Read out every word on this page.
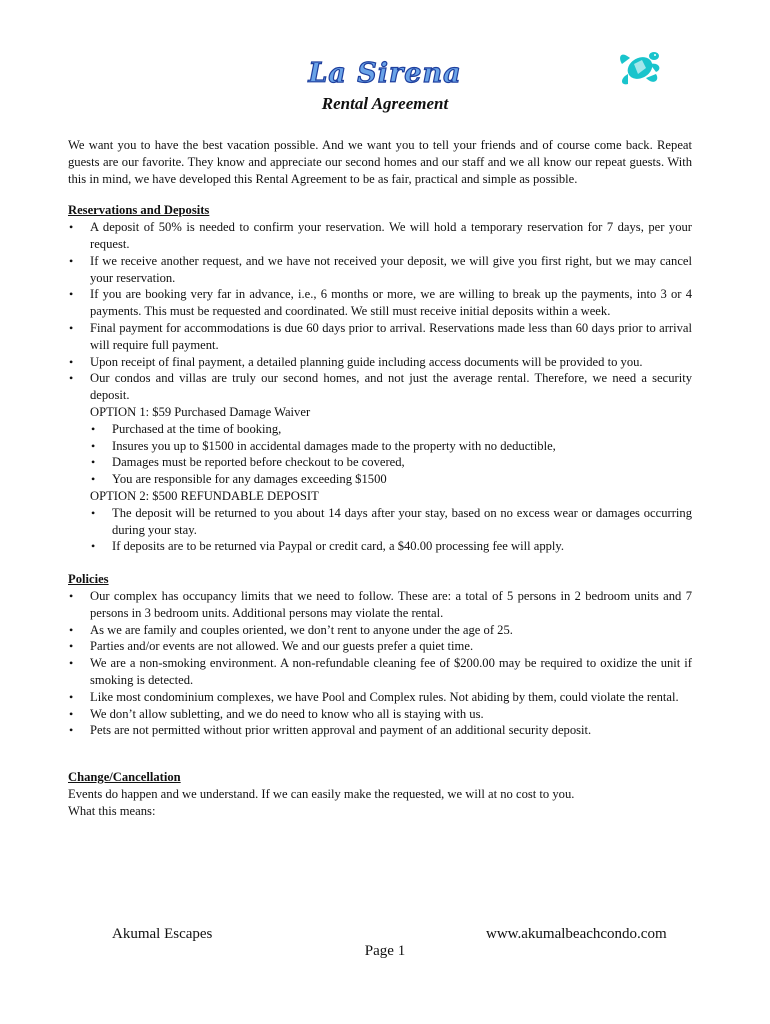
La Sirena
Rental Agreement

We want you to have the best vacation possible. And we want you to tell your friends and of course come back. Repeat guests are our favorite. They know and appreciate our second homes and our staff and we all know our repeat guests. With this in mind, we have developed this Rental Agreement to be as fair, practical and simple as possible.

Reservations and Deposits
• A deposit of 50% is needed to confirm your reservation. We will hold a temporary reservation for 7 days, per your request.
• If we receive another request, and we have not received your deposit, we will give you first right, but we may cancel your reservation.
• If you are booking very far in advance, i.e., 6 months or more, we are willing to break up the payments, into 3 or 4 payments. This must be requested and coordinated. We still must receive initial deposits within a week.
• Final payment for accommodations is due 60 days prior to arrival. Reservations made less than 60 days prior to arrival will require full payment.
• Upon receipt of final payment, a detailed planning guide including access documents will be provided to you.
• Our condos and villas are truly our second homes, and not just the average rental. Therefore, we need a security deposit.
OPTION 1: $59 Purchased Damage Waiver
• Purchased at the time of booking,
• Insures you up to $1500 in accidental damages made to the property with no deductible,
• Damages must be reported before checkout to be covered,
• You are responsible for any damages exceeding $1500
OPTION 2: $500 REFUNDABLE DEPOSIT
• The deposit will be returned to you about 14 days after your stay, based on no excess wear or damages occurring during your stay.
• If deposits are to be returned via Paypal or credit card, a $40.00 processing fee will apply.
Policies
• Our complex has occupancy limits that we need to follow. These are: a total of 5 persons in 2 bedroom units and 7 persons in 3 bedroom units. Additional persons may violate the rental.
• As we are family and couples oriented, we don’t rent to anyone under the age of 25.
• Parties and/or events are not allowed. We and our guests prefer a quiet time.
• We are a non-smoking environment. A non-refundable cleaning fee of $200.00 may be required to oxidize the unit if smoking is detected.
• Like most condominium complexes, we have Pool and Complex rules. Not abiding by them, could violate the rental.
• We don’t allow subletting, and we do need to know who all is staying with us.
• Pets are not permitted without prior written approval and payment of an additional security deposit.
Change/Cancellation

Events do happen and we understand. If we can easily make the requested, we will at no cost to you.

What this means:

Akumal Escapes	www.akumalbeachcondo.com
Page 1
